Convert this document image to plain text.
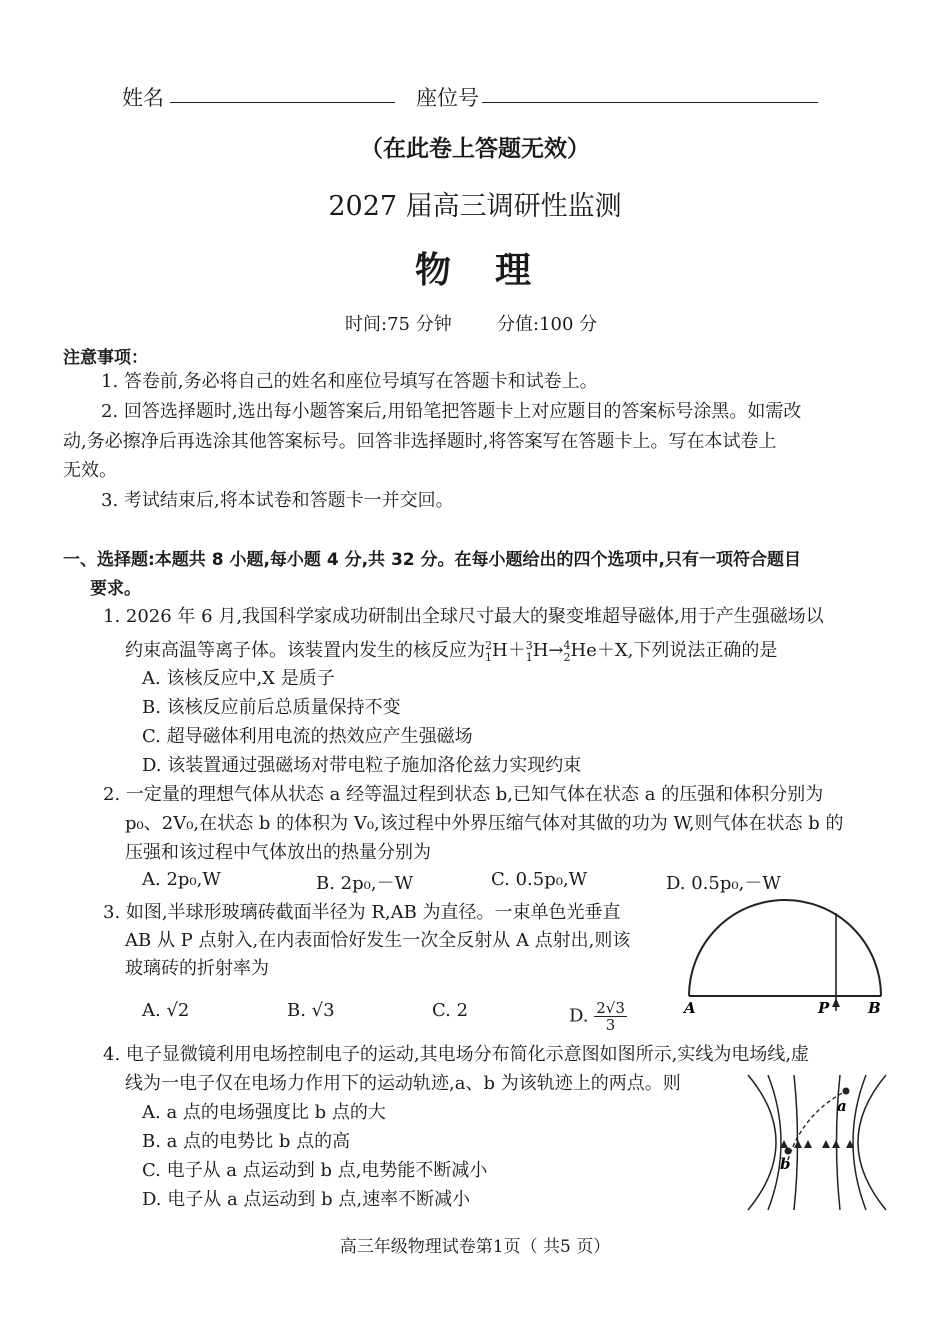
姓名	座位号
（在此卷上答题无效）
2027 届高三调研性监测
物　理
时间:75 分钟	分值:100 分
注意事项：
1. 答卷前,务必将自己的姓名和座位号填写在答题卡和试卷上。
2. 回答选择题时,选出每小题答案后,用铅笔把答题卡上对应题目的答案标号涂黑。如需改
动,务必擦净后再选涂其他答案标号。回答非选择题时,将答案写在答题卡上。写在本试卷上
无效。
3. 考试结束后,将本试卷和答题卡一并交回。
一、选择题:本题共 8 小题,每小题 4 分,共 32 分。在每小题给出的四个选项中,只有一项符合题目
要求。
1. 2026 年 6 月,我国科学家成功研制出全球尺寸最大的聚变堆超导磁体,用于产生强磁场以
约束高温等离子体。该装置内发生的核反应为$^2_1$H＋$^3_1$H→$^4_2$He＋X,下列说法正确的是
A. 该核反应中,X 是质子
B. 该核反应前后总质量保持不变
C. 超导磁体利用电流的热效应产生强磁场
D. 该装置通过强磁场对带电粒子施加洛伦兹力实现约束
2. 一定量的理想气体从状态 a 经等温过程到状态 b,已知气体在状态 a 的压强和体积分别为
p₀、2V₀,在状态 b 的体积为 V₀,该过程中外界压缩气体对其做的功为 W,则气体在状态 b 的
压强和该过程中气体放出的热量分别为
A. 2p₀,W	B. 2p₀,－W	C. 0.5p₀,W	D. 0.5p₀,－W
3. 如图,半球形玻璃砖截面半径为 R,AB 为直径。一束单色光垂直
AB 从 P 点射入,在内表面恰好发生一次全反射从 A 点射出,则该
玻璃砖的折射率为
A. √2	B. √3	C. 2	D. $\frac{2√3}{3}$	A	P	B
4. 电子显微镜利用电场控制电子的运动,其电场分布简化示意图如图所示,实线为电场线,虚
线为一电子仅在电场力作用下的运动轨迹,a、b 为该轨迹上的两点。则
A. a 点的电场强度比 b 点的大
B. a 点的电势比 b 点的高
C. 电子从 a 点运动到 b 点,电势能不断减小
D. 电子从 a 点运动到 b 点,速率不断减小
a
b
高三年级物理试卷第1页（ 共5 页）
